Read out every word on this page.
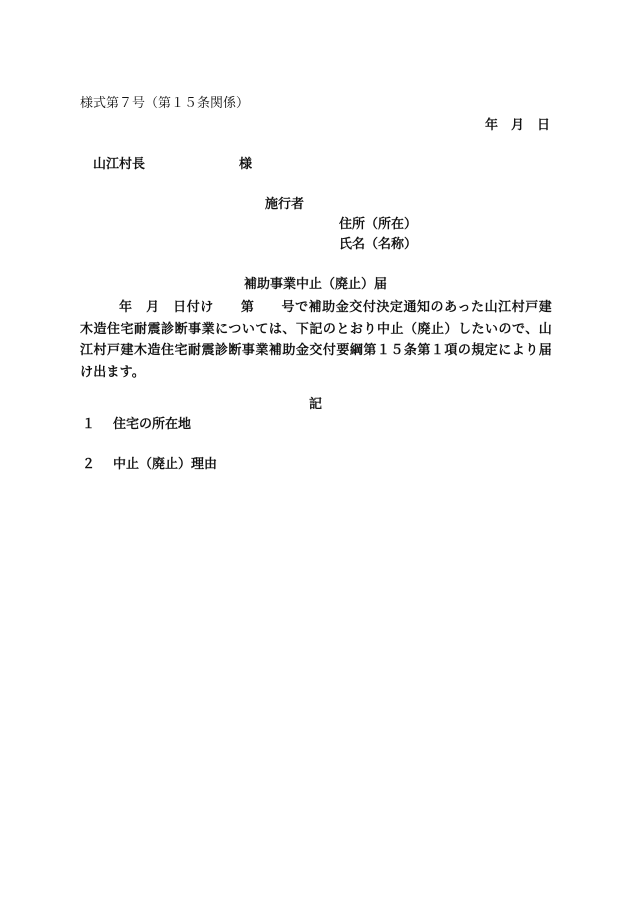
様式第７号（第１５条関係）
年　月　日
山江村長	様
施行者
住所（所在）
氏名（名称）
補助事業中止（廃止）届
年　月　日付け　　第　　号で補助金交付決定通知のあった山江村戸建木造住宅耐震診断事業については、下記のとおり中止（廃止）したいので、山江村戸建木造住宅耐震診断事業補助金交付要綱第１５条第１項の規定により届け出ます。
記
１ 住宅の所在地
２ 中止（廃止）理由
